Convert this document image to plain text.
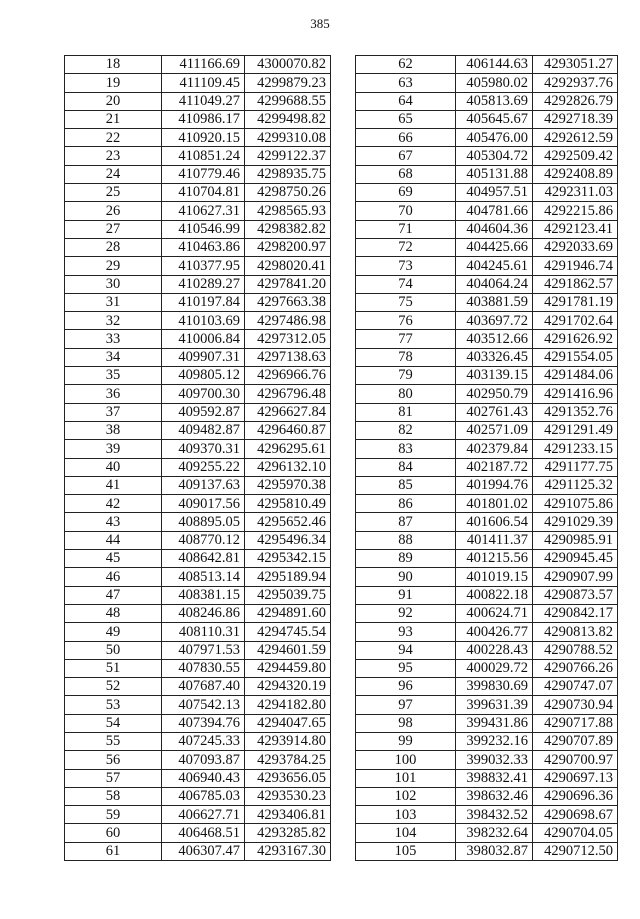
385
18	411166.69	4300070.82
19	411109.45	4299879.23
20	411049.27	4299688.55
21	410986.17	4299498.82
22	410920.15	4299310.08
23	410851.24	4299122.37
24	410779.46	4298935.75
25	410704.81	4298750.26
26	410627.31	4298565.93
27	410546.99	4298382.82
28	410463.86	4298200.97
29	410377.95	4298020.41
30	410289.27	4297841.20
31	410197.84	4297663.38
32	410103.69	4297486.98
33	410006.84	4297312.05
34	409907.31	4297138.63
35	409805.12	4296966.76
36	409700.30	4296796.48
37	409592.87	4296627.84
38	409482.87	4296460.87
39	409370.31	4296295.61
40	409255.22	4296132.10
41	409137.63	4295970.38
42	409017.56	4295810.49
43	408895.05	4295652.46
44	408770.12	4295496.34
45	408642.81	4295342.15
46	408513.14	4295189.94
47	408381.15	4295039.75
48	408246.86	4294891.60
49	408110.31	4294745.54
50	407971.53	4294601.59
51	407830.55	4294459.80
52	407687.40	4294320.19
53	407542.13	4294182.80
54	407394.76	4294047.65
55	407245.33	4293914.80
56	407093.87	4293784.25
57	406940.43	4293656.05
58	406785.03	4293530.23
59	406627.71	4293406.81
60	406468.51	4293285.82
61	406307.47	4293167.30
62	406144.63	4293051.27
63	405980.02	4292937.76
64	405813.69	4292826.79
65	405645.67	4292718.39
66	405476.00	4292612.59
67	405304.72	4292509.42
68	405131.88	4292408.89
69	404957.51	4292311.03
70	404781.66	4292215.86
71	404604.36	4292123.41
72	404425.66	4292033.69
73	404245.61	4291946.74
74	404064.24	4291862.57
75	403881.59	4291781.19
76	403697.72	4291702.64
77	403512.66	4291626.92
78	403326.45	4291554.05
79	403139.15	4291484.06
80	402950.79	4291416.96
81	402761.43	4291352.76
82	402571.09	4291291.49
83	402379.84	4291233.15
84	402187.72	4291177.75
85	401994.76	4291125.32
86	401801.02	4291075.86
87	401606.54	4291029.39
88	401411.37	4290985.91
89	401215.56	4290945.45
90	401019.15	4290907.99
91	400822.18	4290873.57
92	400624.71	4290842.17
93	400426.77	4290813.82
94	400228.43	4290788.52
95	400029.72	4290766.26
96	399830.69	4290747.07
97	399631.39	4290730.94
98	399431.86	4290717.88
99	399232.16	4290707.89
100	399032.33	4290700.97
101	398832.41	4290697.13
102	398632.46	4290696.36
103	398432.52	4290698.67
104	398232.64	4290704.05
105	398032.87	4290712.50
